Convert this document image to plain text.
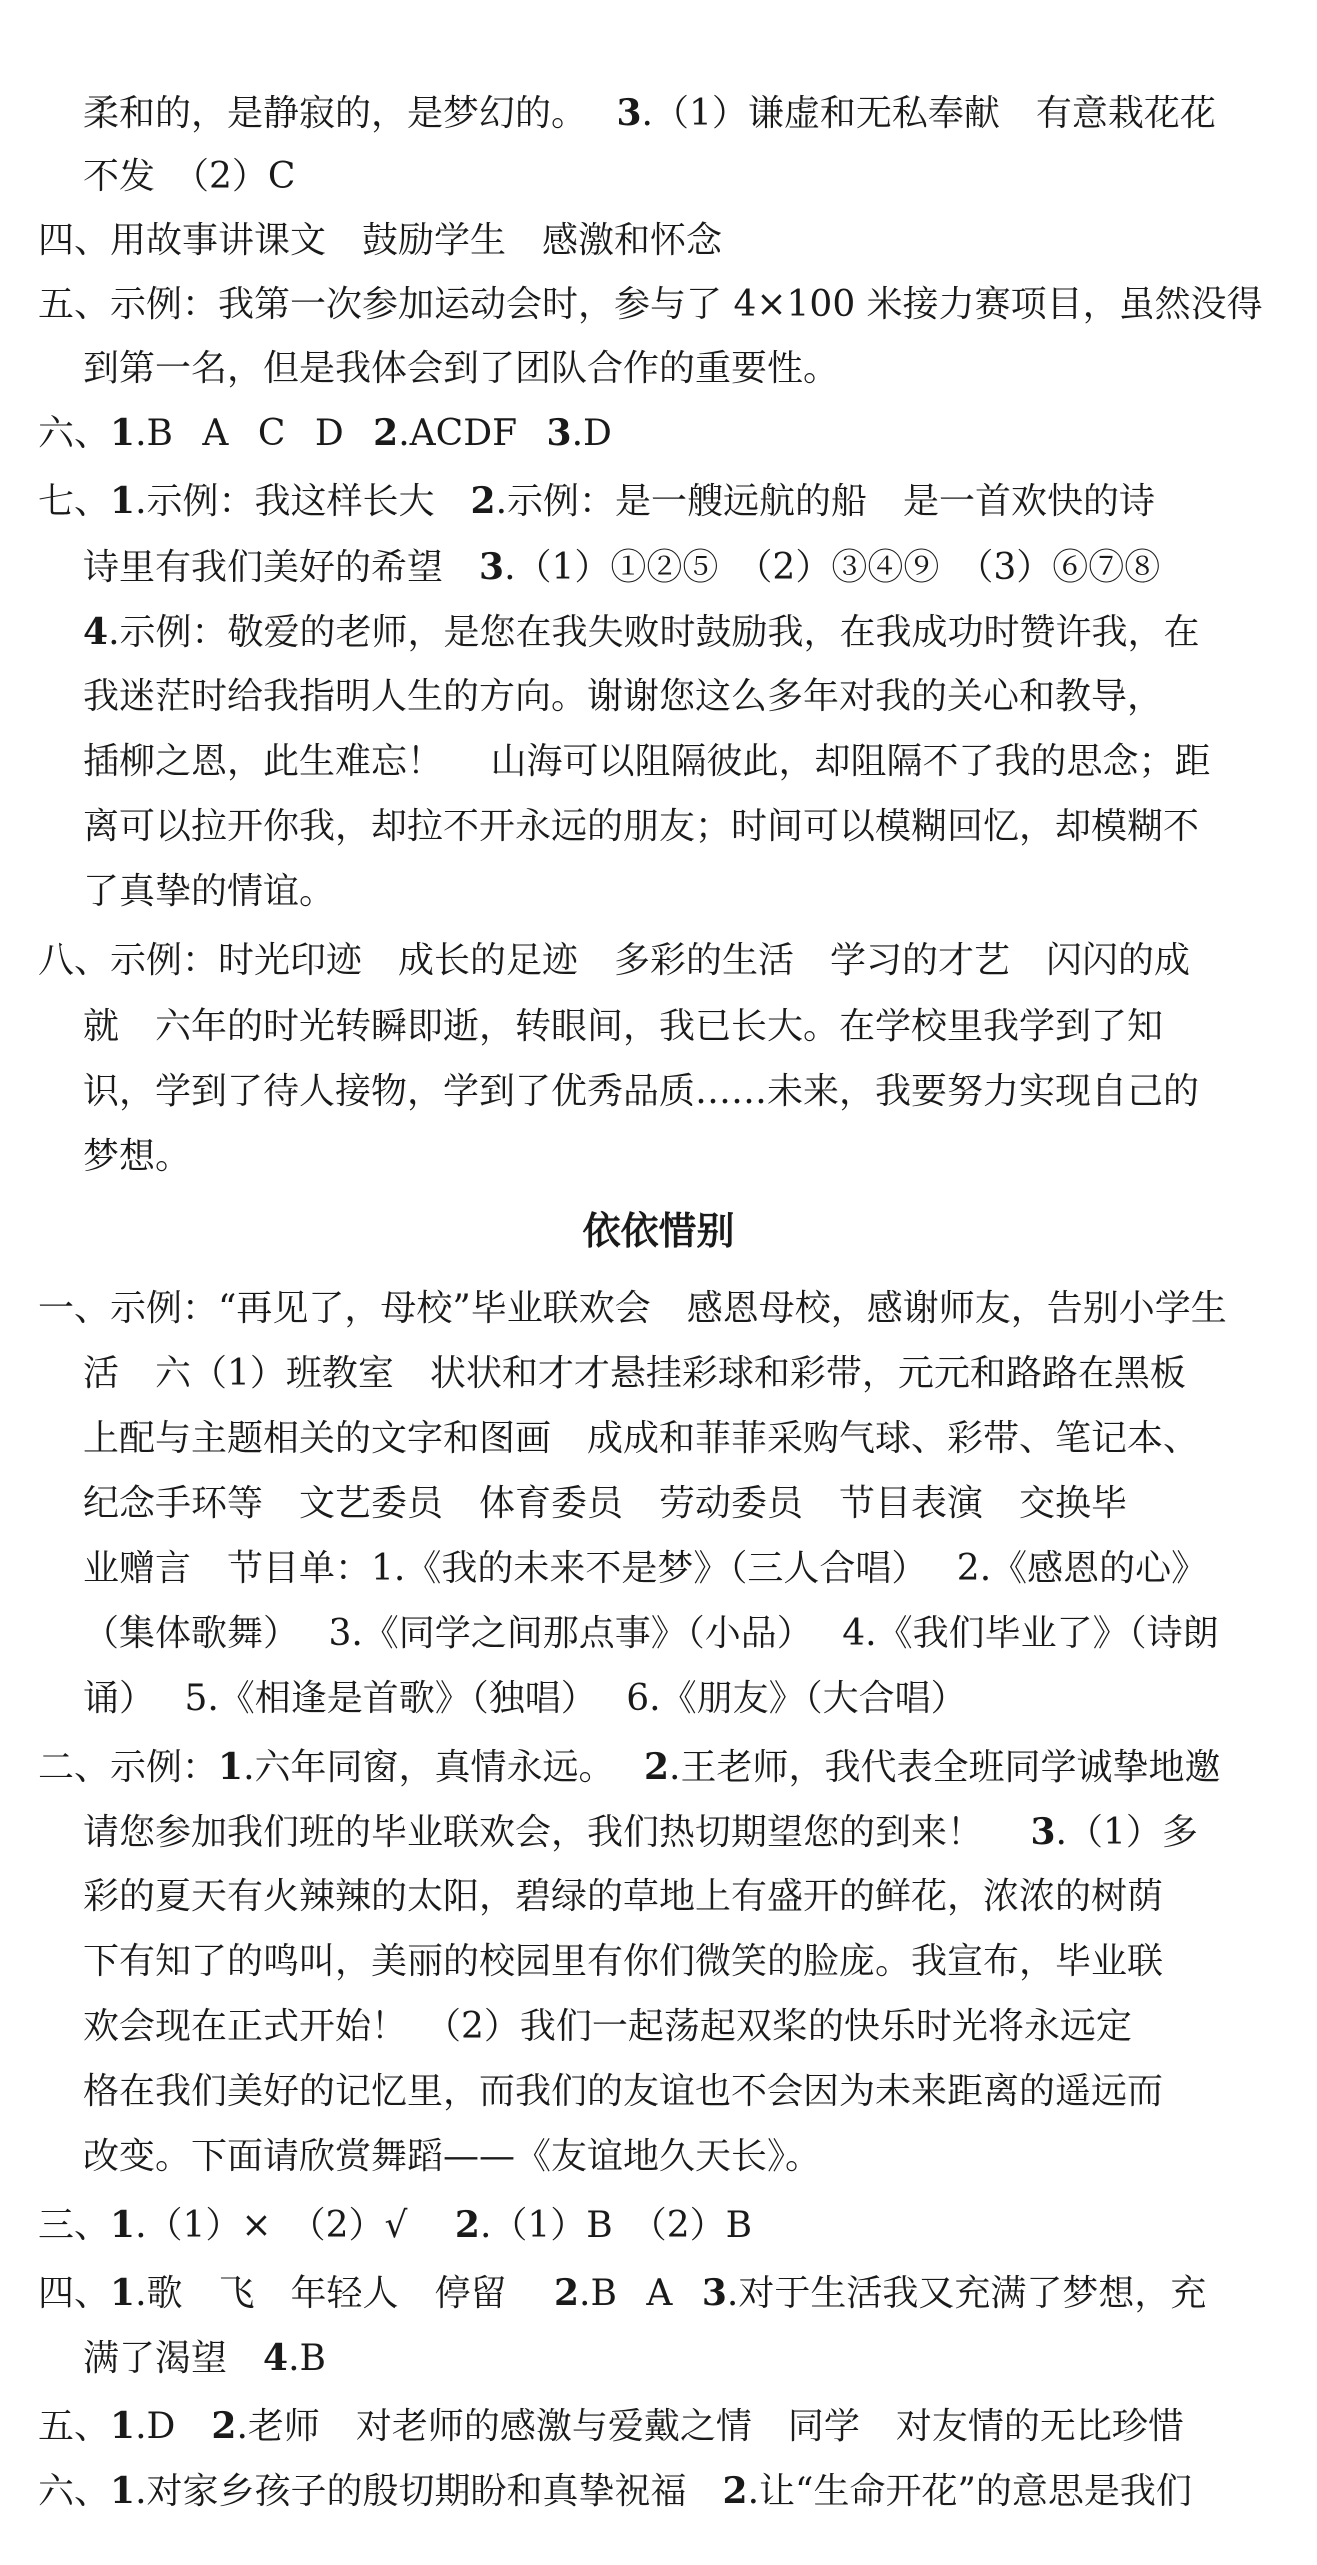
依依惜别
柔和的，是静寂的，是梦幻的。　 3.（1）谦虚和无私奉献　有意栽花花
不发　（2）C
四、用故事讲课文　鼓励学生　感激和怀念
五、示例：我第一次参加运动会时，参与了 4×100 米接力赛项目，虽然没得
到第一名，但是我体会到了团队合作的重要性。
六、1.B  A  C  D  2.ACDF  3.D
七、1.示例：我这样长大　2.示例：是一艘远航的船　是一首欢快的诗
诗里有我们美好的希望　3.（1）①②⑤　（2）③④⑨　（3）⑥⑦⑧
4.示例：敬爱的老师，是您在我失败时鼓励我，在我成功时赞许我，在
我迷茫时给我指明人生的方向。谢谢您这么多年对我的关心和教导，
插柳之恩，此生难忘！　 山海可以阻隔彼此，却阻隔不了我的思念；距
离可以拉开你我，却拉不开永远的朋友；时间可以模糊回忆，却模糊不
了真挚的情谊。
八、示例：时光印迹　成长的足迹　多彩的生活　学习的才艺　闪闪的成
就　六年的时光转瞬即逝，转眼间，我已长大。在学校里我学到了知
识，学到了待人接物，学到了优秀品质……未来，我要努力实现自己的
梦想。
一、示例：“再见了，母校”毕业联欢会　感恩母校，感谢师友，告别小学生
活　六（1）班教室　状状和才才悬挂彩球和彩带，元元和路路在黑板
上配与主题相关的文字和图画　成成和菲菲采购气球、彩带、笔记本、
纪念手环等　文艺委员　体育委员　劳动委员　节目表演　交换毕
业赠言　节目单：1.《我的未来不是梦》（三人合唱）　 2.《感恩的心》
（集体歌舞）　 3.《同学之间那点事》（小品）　 4.《我们毕业了》（诗朗
诵）　 5.《相逢是首歌》（独唱）　 6.《朋友》（大合唱）
二、示例：1.六年同窗，真情永远。　 2.王老师，我代表全班同学诚挚地邀
请您参加我们班的毕业联欢会，我们热切期望您的到来！　 3.（1）多
彩的夏天有火辣辣的太阳，碧绿的草地上有盛开的鲜花，浓浓的树荫
下有知了的鸣叫，美丽的校园里有你们微笑的脸庞。我宣布，毕业联
欢会现在正式开始！　（2）我们一起荡起双桨的快乐时光将永远定
格在我们美好的记忆里，而我们的友谊也不会因为未来距离的遥远而
改变。下面请欣赏舞蹈——《友谊地久天长》。
三、1.（1）×　（2）√　 2.（1）B　（2）B
四、1.歌　飞　年轻人　停留　 2.B  A  3.对于生活我又充满了梦想，充
满了渴望　4.B
五、1.D　2.老师　对老师的感激与爱戴之情　同学　对友情的无比珍惜
六、1.对家乡孩子的殷切期盼和真挚祝福　2.让“生命开花”的意思是我们
